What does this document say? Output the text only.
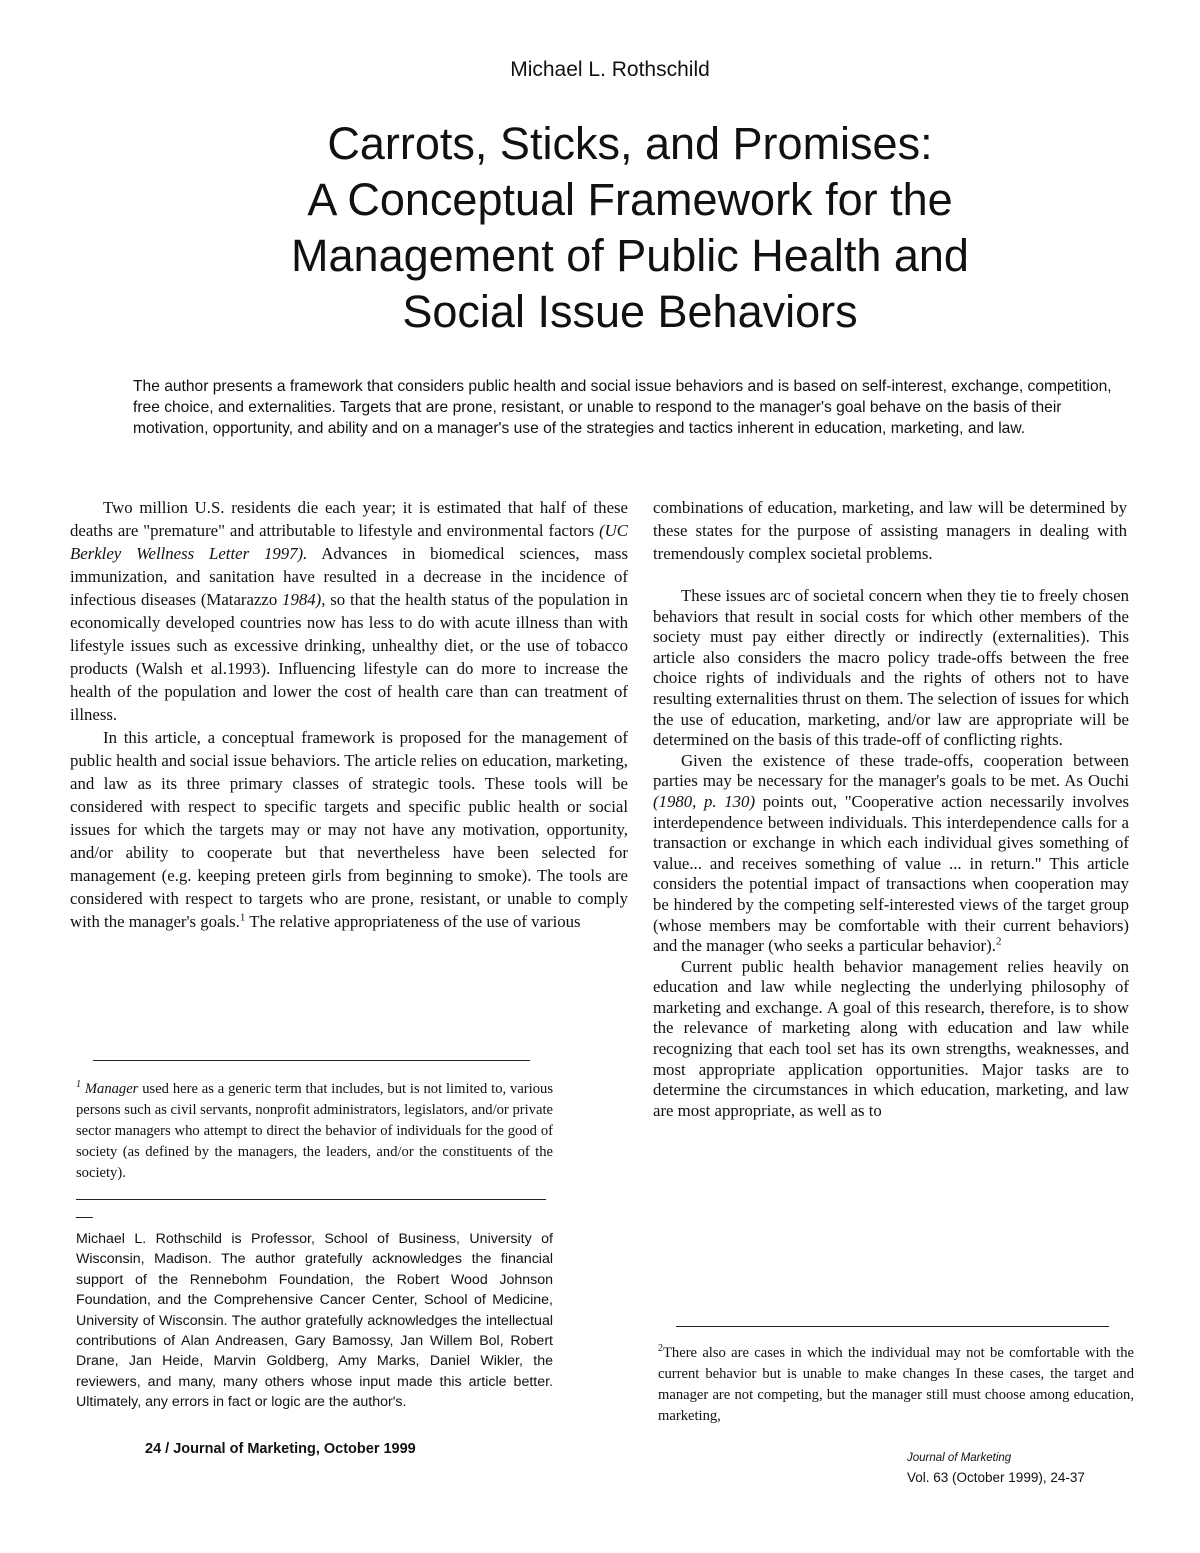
Michael L. Rothschild
Carrots, Sticks, and Promises:
A Conceptual Framework for the
Management of Public Health and
Social Issue Behaviors
The author presents a framework that considers public health and social issue behaviors and is based on self-interest, exchange, competition, free choice, and externalities. Targets that are prone, resistant, or unable to respond to the manager's goal behave on the basis of their motivation, opportunity, and ability and on a manager's use of the strategies and tactics inherent in education, marketing, and law.

Two million U.S. residents die each year; it is estimated that half of these deaths are "premature" and attributable to lifestyle and environmental factors (UC Berkley Wellness Letter 1997). Advances in biomedical sciences, mass immunization, and sanitation have resulted in a decrease in the incidence of infectious diseases (Matarazzo 1984), so that the health status of the population in economically developed countries now has less to do with acute illness than with lifestyle issues such as excessive drinking, unhealthy diet, or the use of tobacco products (Walsh et al.1993). Influencing lifestyle can do more to increase the health of the population and lower the cost of health care than can treatment of illness.

In this article, a conceptual framework is proposed for the management of public health and social issue behaviors. The article relies on education, marketing, and law as its three primary classes of strategic tools. These tools will be considered with respect to specific targets and specific public health or social issues for which the targets may or may not have any motivation, opportunity, and/or ability to cooperate but that nevertheless have been selected for management (e.g. keeping preteen girls from beginning to smoke). The tools are considered with respect to targets who are prone, resistant, or unable to comply with the manager's goals.$^1$ The relative appropriateness of the use of various

$^1$ Manager used here as a generic term that includes, but is not limited to, various persons such as civil servants, nonprofit administrators, legislators, and/or private sector managers who attempt to direct the behavior of individuals for the good of society (as defined by the managers, the leaders, and/or the constituents of the society).
__
Michael L. Rothschild is Professor, School of Business, University of Wisconsin, Madison. The author gratefully acknowledges the financial support of the Rennebohm Foundation, the Robert Wood Johnson Foundation, and the Comprehensive Cancer Center, School of Medicine, University of Wisconsin. The author gratefully acknowledges the intellectual contributions of Alan Andreasen, Gary Bamossy, Jan Willem Bol, Robert Drane, Jan Heide, Marvin Goldberg, Amy Marks, Daniel Wikler, the reviewers, and many, many others whose input made this article better. Ultimately, any errors in fact or logic are the author's.

combinations of education, marketing, and law will be determined by these states for the purpose of assisting managers in dealing with tremendously complex societal problems.

These issues arc of societal concern when they tie to freely chosen behaviors that result in social costs for which other members of the society must pay either directly or indirectly (externalities). This article also considers the macro policy trade-offs between the free choice rights of individuals and the rights of others not to have resulting externalities thrust on them. The selection of issues for which the use of education, marketing, and/or law are appropriate will be determined on the basis of this trade-off of conflicting rights.

Given the existence of these trade-offs, cooperation between parties may be necessary for the manager's goals to be met. As Ouchi (1980, p. 130) points out, "Cooperative action necessarily involves interdependence between individuals. This interdependence calls for a transaction or exchange in which each individual gives something of value... and receives something of value ... in return." This article considers the potential impact of transactions when cooperation may be hindered by the competing self-interested views of the target group (whose members may be comfortable with their current behaviors) and the manager (who seeks a particular behavior).$^2$

Current public health behavior management relies heavily on education and law while neglecting the underlying philosophy of marketing and exchange. A goal of this research, therefore, is to show the relevance of marketing along with education and law while recognizing that each tool set has its own strengths, weaknesses, and most appropriate application opportunities. Major tasks are to determine the circumstances in which education, marketing, and law are most appropriate, as well as to

$^2$There also are cases in which the individual may not be comfortable with the current behavior but is unable to make changes In these cases, the target and manager are not competing, but the manager still must choose among education, marketing,
24 / Journal of Marketing, October 1999
Journal of Marketing
Vol. 63 (October 1999), 24-37
